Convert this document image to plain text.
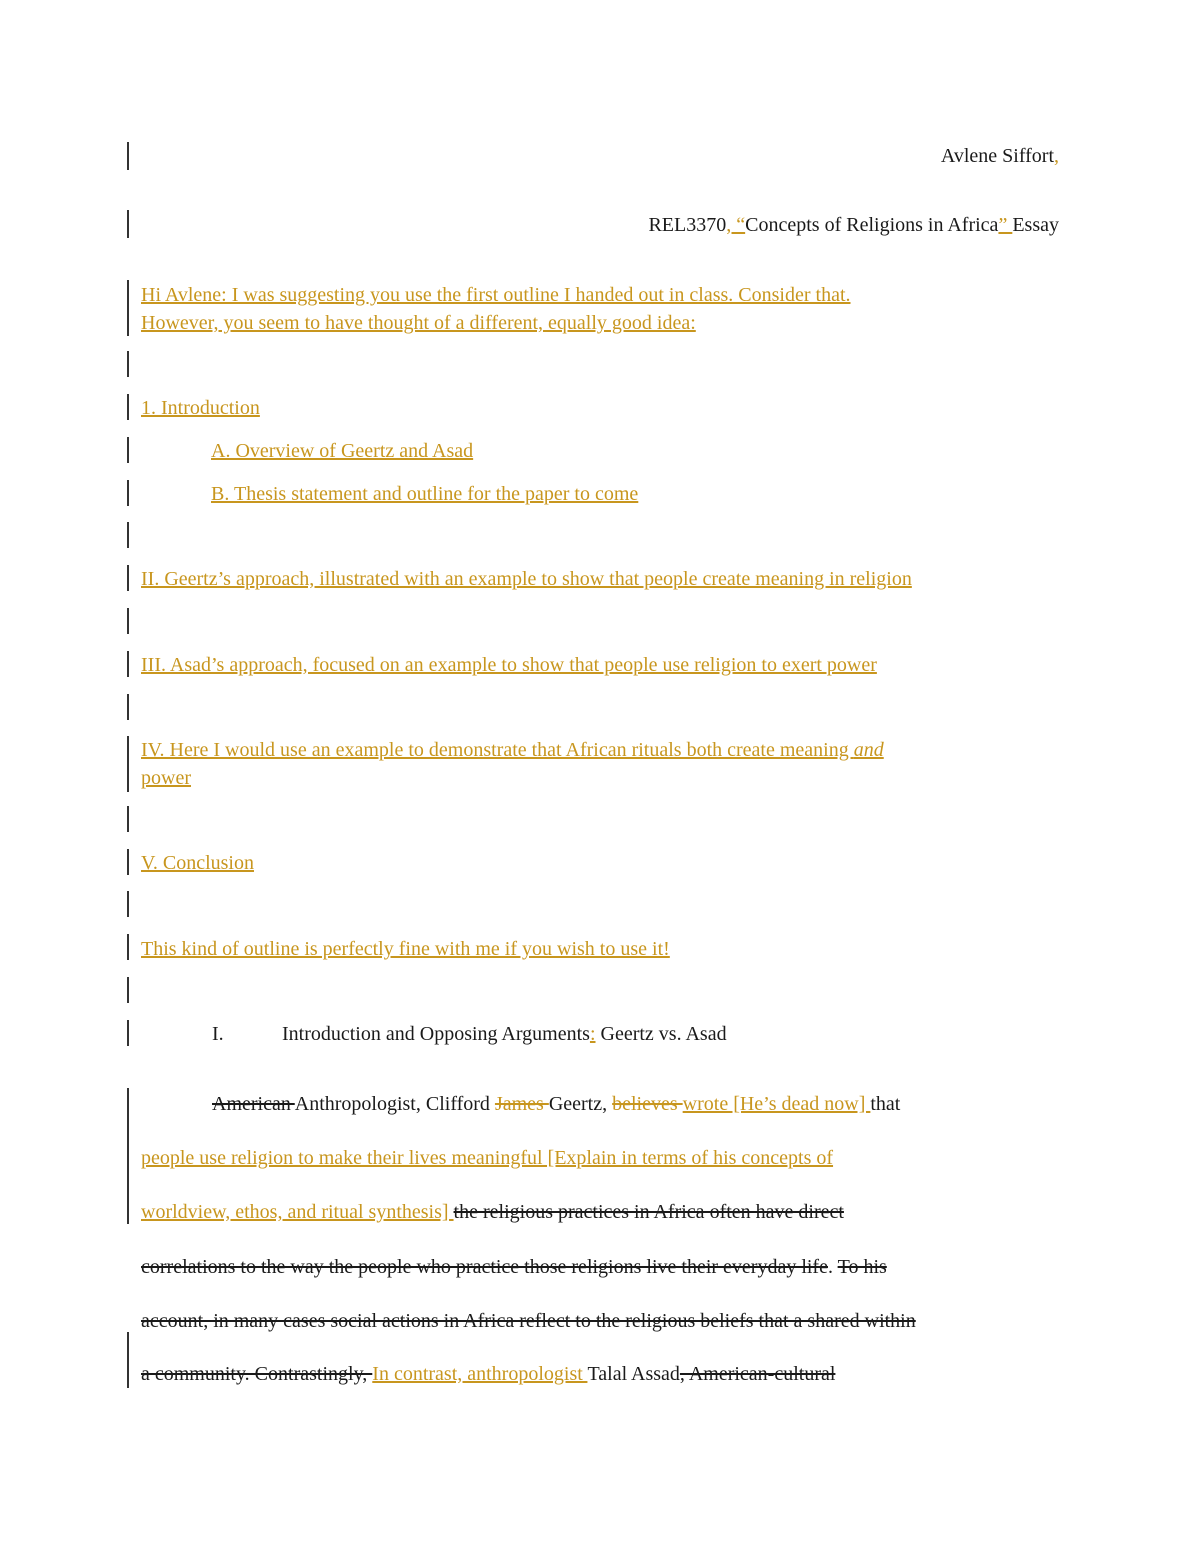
Avlene Siffort,
REL3370, “Concepts of Religions in Africa” Essay
Hi Avlene: I was suggesting you use the first outline I handed out in class. Consider that.
However, you seem to have thought of a different, equally good idea:
1. Introduction
A. Overview of Geertz and Asad
B. Thesis statement and outline for the paper to come
II. Geertz’s approach, illustrated with an example to show that people create meaning in religion
III. Asad’s approach, focused on an example to show that people use religion to exert power
IV. Here I would use an example to demonstrate that African rituals both create meaning and
power
V. Conclusion
This kind of outline is perfectly fine with me if you wish to use it!
I.	Introduction and Opposing Arguments: Geertz vs. Asad
American Anthropologist, Clifford James Geertz, believes wrote [He’s dead now] that
people use religion to make their lives meaningful [Explain in terms of his concepts of
worldview, ethos, and ritual synthesis] the religious practices in Africa often have direct
correlations to the way the people who practice those religions live their everyday life. To his
account, in many cases social actions in Africa reflect to the religious beliefs that a shared within
a community. Contrastingly, In contrast, anthropologist Talal Assad, American-cultural
